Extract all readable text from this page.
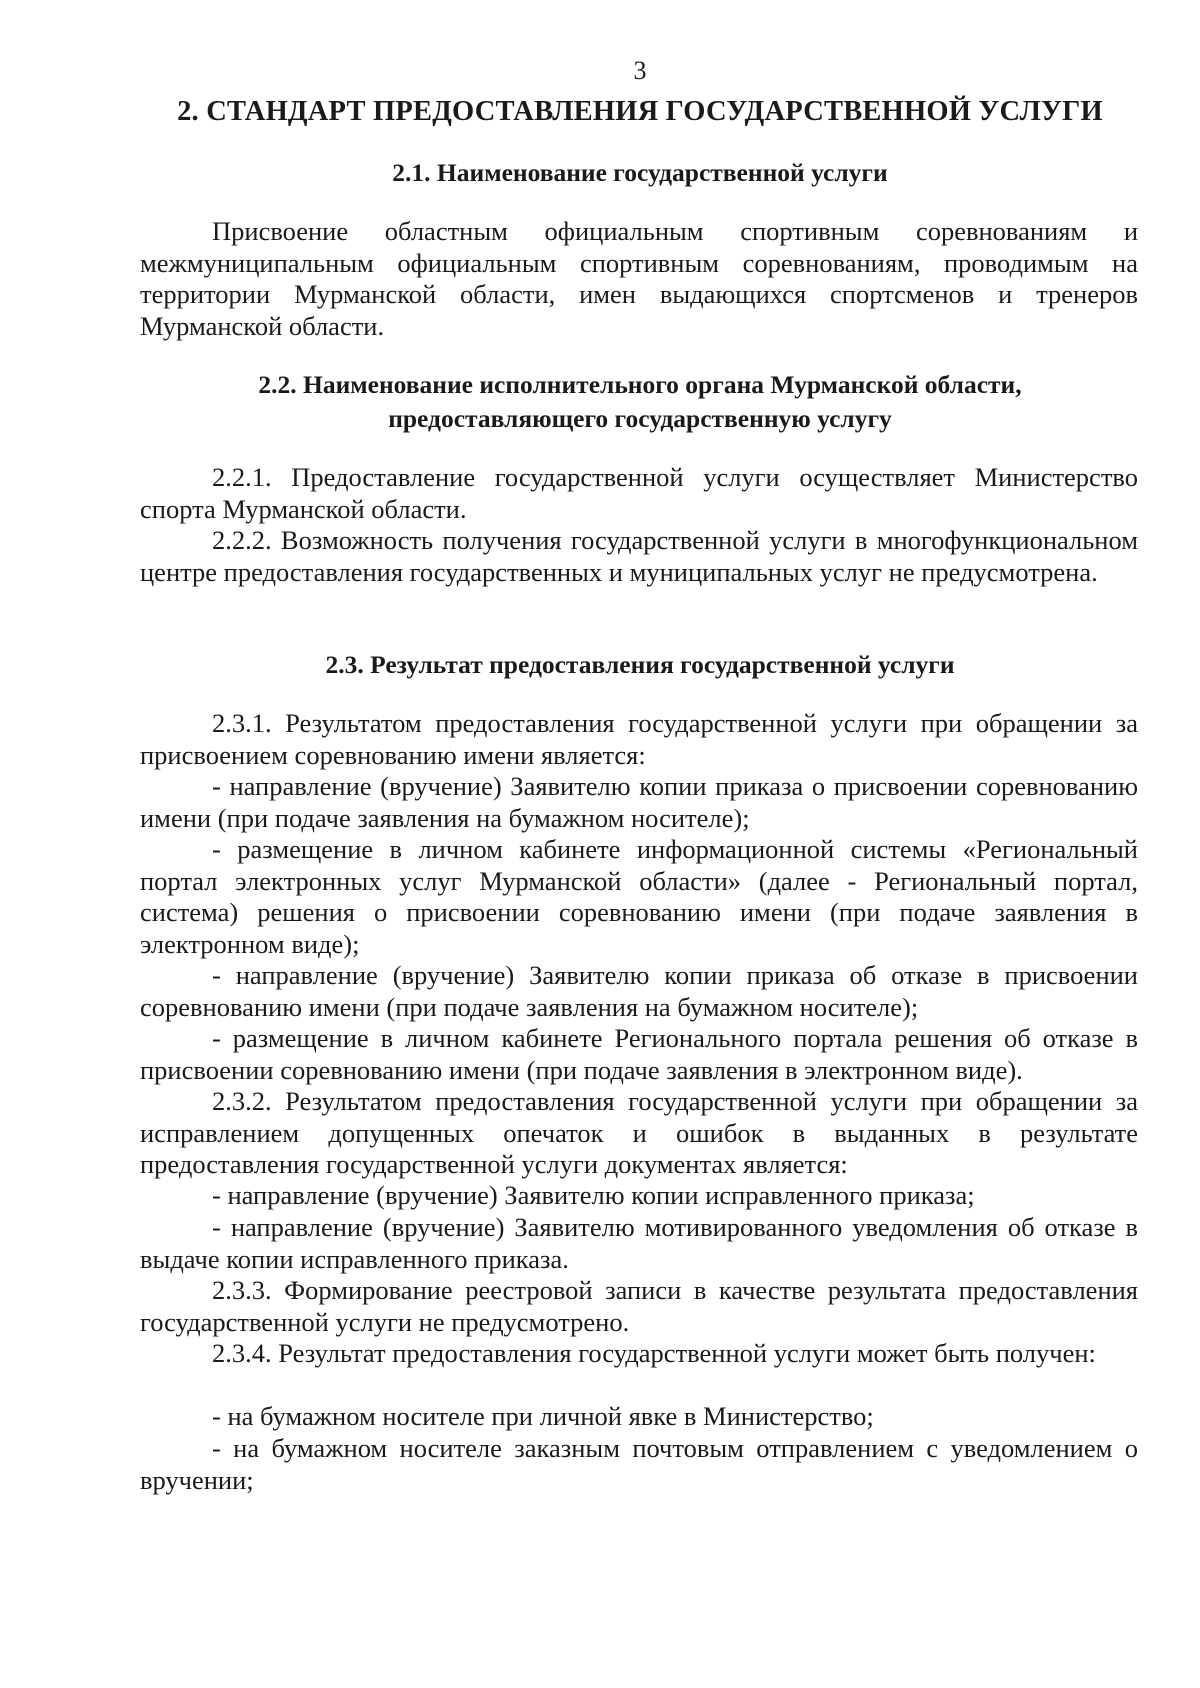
3
2. СТАНДАРТ ПРЕДОСТАВЛЕНИЯ ГОСУДАРСТВЕННОЙ УСЛУГИ
2.1. Наименование государственной услуги
Присвоение областным официальным спортивным соревнованиям и межмуниципальным официальным спортивным соревнованиям, проводимым на территории Мурманской области, имен выдающихся спортсменов и тренеров Мурманской области.
2.2. Наименование исполнительного органа Мурманской области,
предоставляющего государственную услугу
2.2.1. Предоставление государственной услуги осуществляет Министерство спорта Мурманской области.
2.2.2. Возможность получения государственной услуги в многофункциональном центре предоставления государственных и муниципальных услуг не предусмотрена.
2.3. Результат предоставления государственной услуги
2.3.1. Результатом предоставления государственной услуги при обращении за присвоением соревнованию имени является:
- направление (вручение) Заявителю копии приказа о присвоении соревнованию имени (при подаче заявления на бумажном носителе);
- размещение в личном кабинете информационной системы «Региональный портал электронных услуг Мурманской области» (далее - Региональный портал, система) решения о присвоении соревнованию имени (при подаче заявления в электронном виде);
- направление (вручение) Заявителю копии приказа об отказе в присвоении соревнованию имени (при подаче заявления на бумажном носителе);
- размещение в личном кабинете Регионального портала решения об отказе в присвоении соревнованию имени (при подаче заявления в электронном виде).
2.3.2. Результатом предоставления государственной услуги при обращении за исправлением допущенных опечаток и ошибок в выданных в результате предоставления государственной услуги документах является:
- направление (вручение) Заявителю копии исправленного приказа;
- направление (вручение) Заявителю мотивированного уведомления об отказе в выдаче копии исправленного приказа.
2.3.3. Формирование реестровой записи в качестве результата предоставления государственной услуги не предусмотрено.
2.3.4. Результат предоставления государственной услуги может быть получен:
- на бумажном носителе при личной явке в Министерство;
- на бумажном носителе заказным почтовым отправлением с уведомлением о вручении;
